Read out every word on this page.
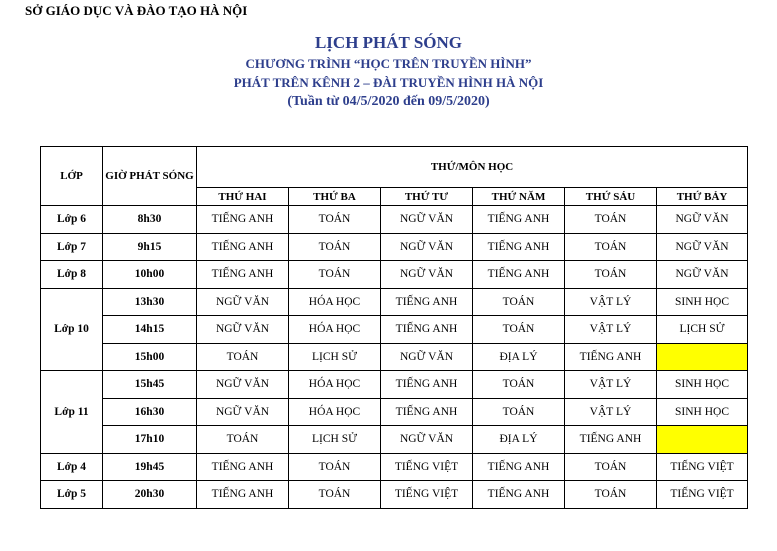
SỞ GIÁO DỤC VÀ ĐÀO TẠO HÀ NỘI
LỊCH PHÁT SÓNG
CHƯƠNG TRÌNH “HỌC TRÊN TRUYỀN HÌNH”
PHÁT TRÊN KÊNH 2 – ĐÀI TRUYỀN HÌNH HÀ NỘI
(Tuần từ 04/5/2020 đến 09/5/2020)
LỚP	GIỜ PHÁT SÓNG	THỨ/MÔN HỌC					
		THỨ HAI	THỨ BA	THỨ TƯ	THỨ NĂM	THỨ SÁU	THỨ BẢY
Lớp 6	8h30	TIẾNG ANH	TOÁN	NGỮ VĂN	TIẾNG ANH	TOÁN	NGỮ VĂN
Lớp 7	9h15	TIẾNG ANH	TOÁN	NGỮ VĂN	TIẾNG ANH	TOÁN	NGỮ VĂN
Lớp 8	10h00	TIẾNG ANH	TOÁN	NGỮ VĂN	TIẾNG ANH	TOÁN	NGỮ VĂN
Lớp 10	13h30	NGỮ VĂN	HÓA HỌC	TIẾNG ANH	TOÁN	VẬT LÝ	SINH HỌC
	14h15	NGỮ VĂN	HÓA HỌC	TIẾNG ANH	TOÁN	VẬT LÝ	LỊCH SỬ
	15h00	TOÁN	LỊCH SỬ	NGỮ VĂN	ĐỊA LÝ	TIẾNG ANH	
Lớp 11	15h45	NGỮ VĂN	HÓA HỌC	TIẾNG ANH	TOÁN	VẬT LÝ	SINH HỌC
	16h30	NGỮ VĂN	HÓA HỌC	TIẾNG ANH	TOÁN	VẬT LÝ	SINH HỌC
	17h10	TOÁN	LỊCH SỬ	NGỮ VĂN	ĐỊA LÝ	TIẾNG ANH	
Lớp 4	19h45	TIẾNG ANH	TOÁN	TIẾNG VIỆT	TIẾNG ANH	TOÁN	TIẾNG VIỆT
Lớp 5	20h30	TIẾNG ANH	TOÁN	TIẾNG VIỆT	TIẾNG ANH	TOÁN	TIẾNG VIỆT
